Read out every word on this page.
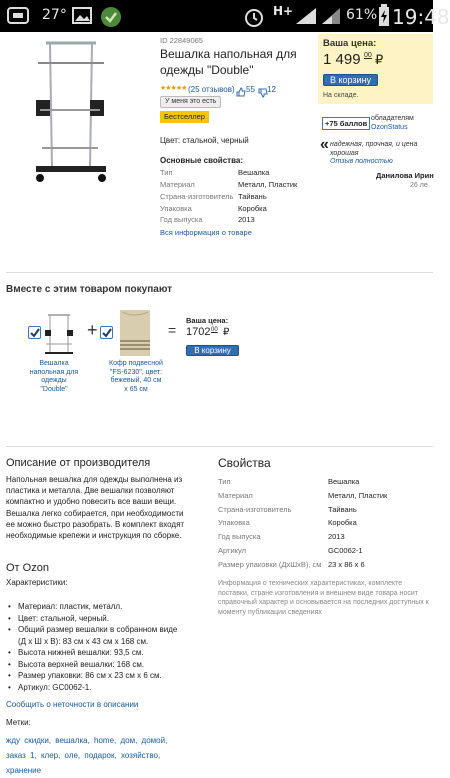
27°	H+	61% 19:48
ID 22849065
Вешалка напольная для одежды "Double"
★★★★★ (25 отзывов) 55 12
У меня это есть
Бестселлер
Цвет: стальной, черный
Основные свойства:
Тип	Вешалка
Материал	Металл, Пластик
Страна-изготовитель Тайвань
Упаковка	Коробка
Год выпуска	2013
Вся информация о товаре
Ваша цена:
1 499 00 ₽
В корзину
На складе.
+75 баллов
обладателям
OzonStatus
« надежная, прочная, и цена хорошая
Отзыв полностью
Данилова Ирин
26 ле
Вместе с этим товаром покупают
Вешалка напольная для одежды "Double"
+
Кофр подвесной "FS-6230", цвет: бежевый, 40 см х 65 см
=
Ваша цена:
1702 00 ₽
В корзину
Описание от производителя
Напольная вешалка для одежды выполнена из пластика и металла. Две вешалки позволяют компактно и удобно повесить все ваши вещи. Вешалка легко собирается, при необходимости ее можно быстро разобрать. В комплект входят необходимые крепежи и инструкция по сборке.
От Ozon
Характеристики:
• Материал: пластик, металл.
• Цвет: стальной, черный.
• Общий размер вешалки в собранном виде (Д х Ш х В): 83 см х 43 см х 168 см.
• Высота нижней вешалки: 93,5 см.
• Высота верхней вешалки: 168 см.
• Размер упаковки: 86 см х 23 см х 6 см.
• Артикул: GC0062-1.
Сообщить о неточности в описании
Метки:
жду скидки, вешалка, home, дом, домой, заказ 1, клер, оле, подарок, хозяйство, хранение
Свойства
Тип	Вешалка
Материал	Металл, Пластик
Страна-изготовитель	Тайвань
Упаковка	Коробка
Год выпуска	2013
Артикул	GC0062-1
Размер упаковки (ДхШхВ), см 23 x 86 x 6
Информация о технических характеристиках, комплекте поставки, стране изготовления и внешнем виде товара носит справочный характер и основывается на последних доступных к моменту публикации сведениях
